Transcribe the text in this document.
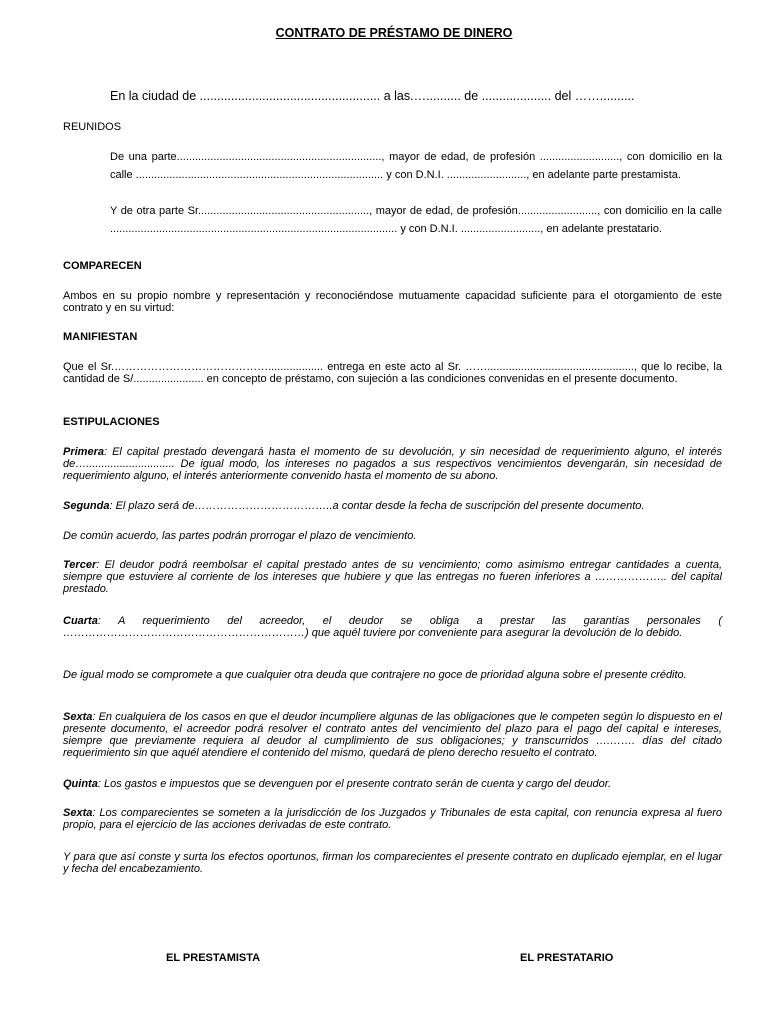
CONTRATO DE PRÉSTAMO DE DINERO
En la ciudad de .................................................... a las.….......... de .................... del ……..........
REUNIDOS
De una parte..................................................................., mayor de edad, de profesión .........................., con domicilio en la calle ................................................................................. y con D.N.I. .........................., en adelante parte prestamista.
Y de otra parte Sr........................................................, mayor de edad, de profesión.........................., con domicilio en la calle .............................................................................................. y con D.N.I. .........................., en adelante prestatario.
COMPARECEN
Ambos en su propio nombre y representación y reconociéndose mutuamente capacidad suficiente para el otorgamiento de este contrato y en su virtud:
MANIFIESTAN
Que el Sr.…………………………………….................. entrega en este acto al Sr. ……................................................, que lo recibe, la cantidad de S/....................... en concepto de préstamo, con sujeción a las condiciones convenidas en el presente documento.
ESTIPULACIONES
Primera: El capital prestado devengará hasta el momento de su devolución, y sin necesidad de requerimiento alguno, el interés de…............................. De igual modo, los intereses no pagados a sus respectivos vencimientos devengarán, sin necesidad de requerimiento alguno, el interés anteriormente convenido hasta el momento de su abono.
Segunda: El plazo será de………………………………..a contar desde la fecha de suscripción del presente documento.
De común acuerdo, las partes podrán prorrogar el plazo de vencimiento.
Tercer: El deudor podrá reembolsar el capital prestado antes de su vencimiento; como asimismo entregar cantidades a cuenta, siempre que estuviere al corriente de los intereses que hubiere y que las entregas no fueren inferiores a ……………….. del capital prestado.
Cuarta: A requerimiento del acreedor, el deudor se obliga a prestar las garantías personales ( …………………………………………………………) que aquél tuviere por conveniente para asegurar la devolución de lo debido.
De igual modo se compromete a que cualquier otra deuda que contrajere no goce de prioridad alguna sobre el presente crédito.
Sexta: En cualquiera de los casos en que el deudor incumpliere algunas de las obligaciones que le competen según lo dispuesto en el presente documento, el acreedor podrá resolver el contrato antes del vencimiento del plazo para el pago del capital e intereses, siempre que previamente requiera al deudor al cumplimiento de sus obligaciones; y transcurridos ….……. días del citado requerimiento sin que aquél atendiere el contenido del mismo, quedará de pleno derecho resuelto el contrato.
Quinta: Los gastos e impuestos que se devenguen por el presente contrato serán de cuenta y cargo del deudor.
Sexta: Los comparecientes se someten a la jurisdicción de los Juzgados y Tribunales de esta capital, con renuncia expresa al fuero propio, para el ejercicio de las acciones derivadas de este contrato.
Y para que así conste y surta los efectos oportunos, firman los comparecientes el presente contrato en duplicado ejemplar, en el lugar y fecha del encabezamiento.
EL PRESTAMISTA	EL PRESTATARIO
